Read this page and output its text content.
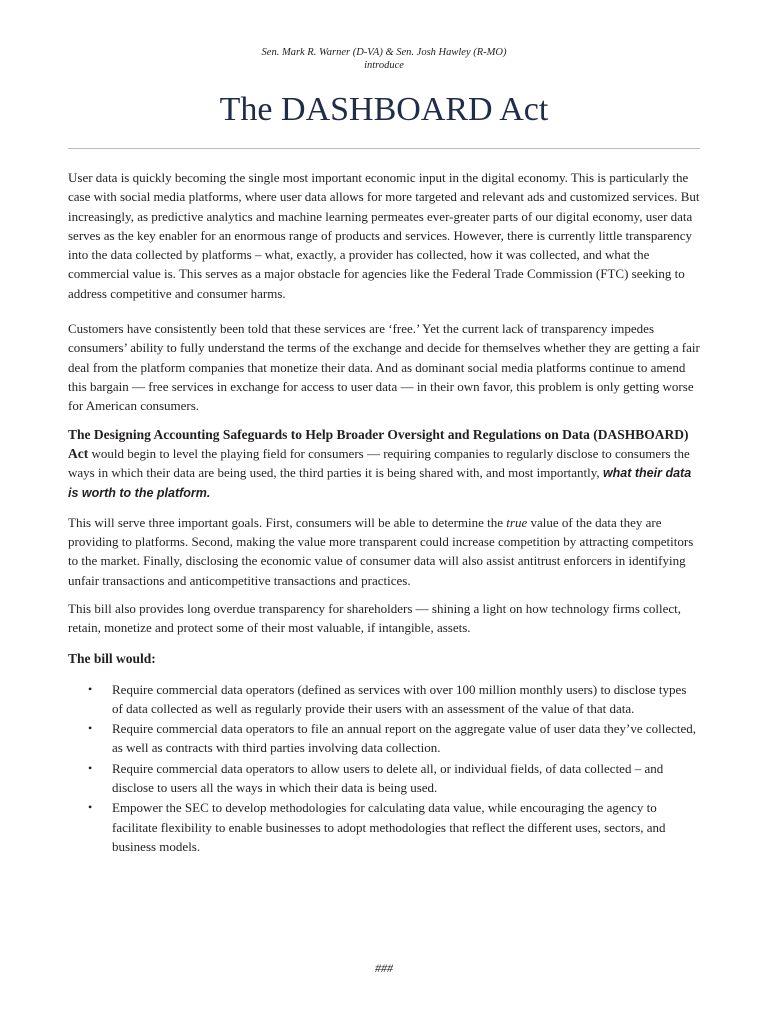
Sen. Mark R. Warner (D-VA) & Sen. Josh Hawley (R-MO)
introduce
The DASHBOARD Act

User data is quickly becoming the single most important economic input in the digital economy. This is particularly the case with social media platforms, where user data allows for more targeted and relevant ads and customized services. But increasingly, as predictive analytics and machine learning permeates ever-greater parts of our digital economy, user data serves as the key enabler for an enormous range of products and services. However, there is currently little transparency into the data collected by platforms – what, exactly, a provider has collected, how it was collected, and what the commercial value is. This serves as a major obstacle for agencies like the Federal Trade Commission (FTC) seeking to address competitive and consumer harms.

Customers have consistently been told that these services are ‘free.’ Yet the current lack of transparency impedes consumers’ ability to fully understand the terms of the exchange and decide for themselves whether they are getting a fair deal from the platform companies that monetize their data. And as dominant social media platforms continue to amend this bargain — free services in exchange for access to user data — in their own favor, this problem is only getting worse for American consumers.

The Designing Accounting Safeguards to Help Broader Oversight and Regulations on Data (DASHBOARD) Act would begin to level the playing field for consumers — requiring companies to regularly disclose to consumers the ways in which their data are being used, the third parties it is being shared with, and most importantly, what their data is worth to the platform.

This will serve three important goals. First, consumers will be able to determine the true value of the data they are providing to platforms. Second, making the value more transparent could increase competition by attracting competitors to the market. Finally, disclosing the economic value of consumer data will also assist antitrust enforcers in identifying unfair transactions and anticompetitive transactions and practices.

This bill also provides long overdue transparency for shareholders — shining a light on how technology firms collect, retain, monetize and protect some of their most valuable, if intangible, assets.

The bill would:
• Require commercial data operators (defined as services with over 100 million monthly users) to disclose types of data collected as well as regularly provide their users with an assessment of the value of that data.
• Require commercial data operators to file an annual report on the aggregate value of user data they’ve collected, as well as contracts with third parties involving data collection.
• Require commercial data operators to allow users to delete all, or individual fields, of data collected – and disclose to users all the ways in which their data is being used.
• Empower the SEC to develop methodologies for calculating data value, while encouraging the agency to facilitate flexibility to enable businesses to adopt methodologies that reflect the different uses, sectors, and business models.
###
